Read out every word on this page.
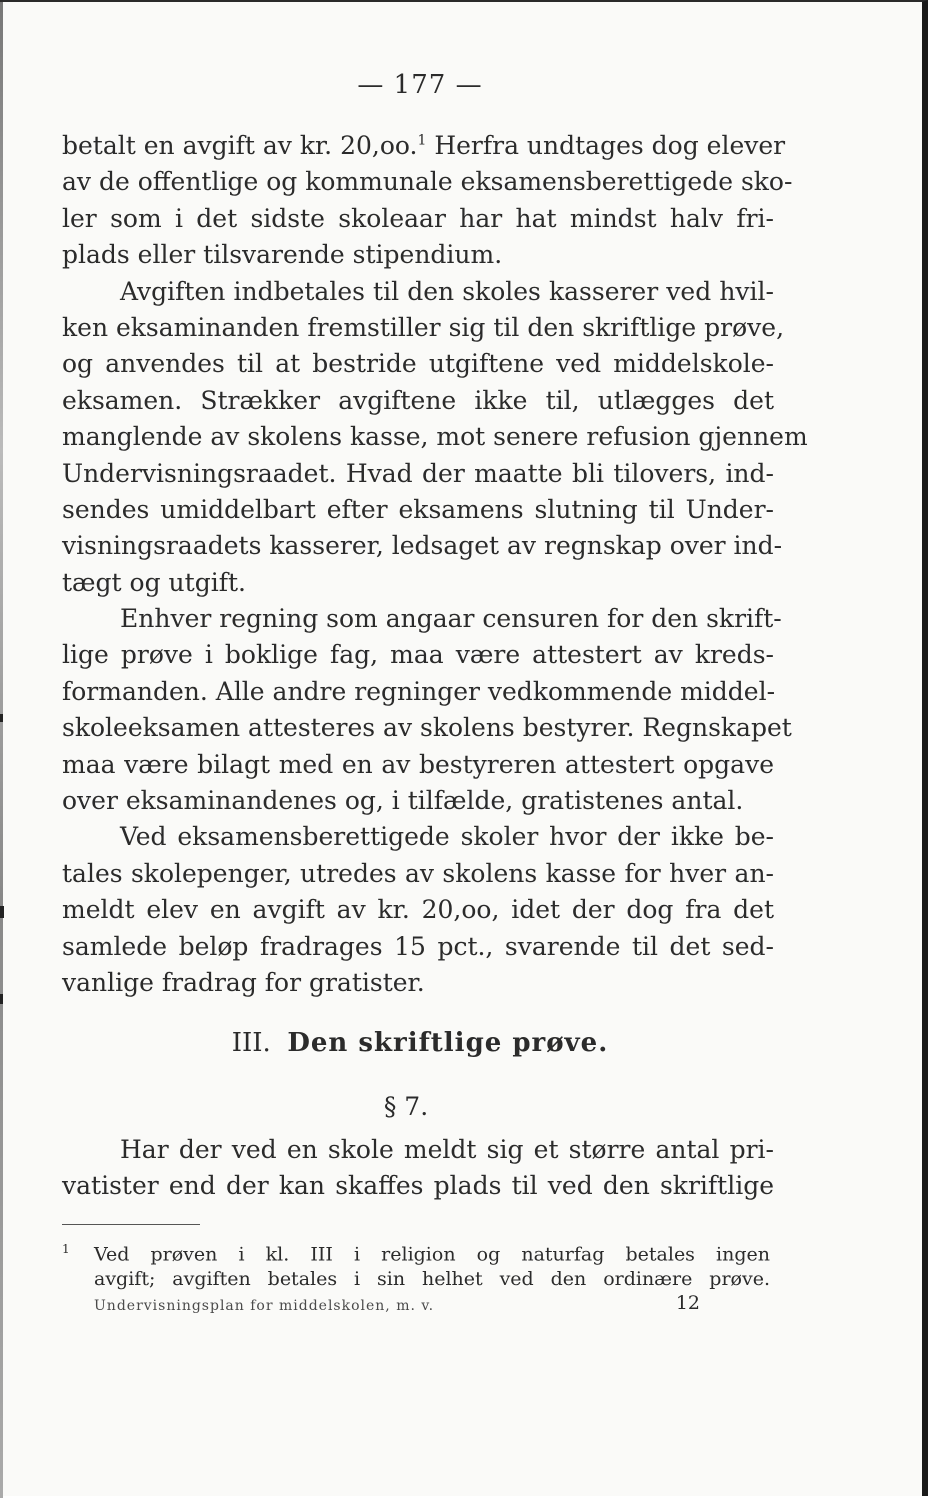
— 177 —
betalt en avgift av kr. 20,oo.$^1$ Herfra undtages dog elever
av de offentlige og kommunale eksamensberettigede sko-
ler som i det sidste skoleaar har hat mindst halv fri-
plads eller tilsvarende stipendium.
Avgiften indbetales til den skoles kasserer ved hvil-
ken eksaminanden fremstiller sig til den skriftlige prøve,
og anvendes til at bestride utgiftene ved middelskole-
eksamen. Strækker avgiftene ikke til, utlægges det
manglende av skolens kasse, mot senere refusion gjennem
Undervisningsraadet. Hvad der maatte bli tilovers, ind-
sendes umiddelbart efter eksamens slutning til Under-
visningsraadets kasserer, ledsaget av regnskap over ind-
tægt og utgift.
Enhver regning som angaar censuren for den skrift-
lige prøve i boklige fag, maa være attestert av kreds-
formanden. Alle andre regninger vedkommende middel-
skoleeksamen attesteres av skolens bestyrer. Regnskapet
maa være bilagt med en av bestyreren attestert opgave
over eksaminandenes og, i tilfælde, gratistenes antal.
Ved eksamensberettigede skoler hvor der ikke be-
tales skolepenger, utredes av skolens kasse for hver an-
meldt elev en avgift av kr. 20,oo, idet der dog fra det
samlede beløp fradrages 15 pct., svarende til det sed-
vanlige fradrag for gratister.
III. Den skriftlige prøve.
§ 7.
Har der ved en skole meldt sig et større antal pri-
vatister end der kan skaffes plads til ved den skriftlige
1 Ved prøven i kl. III i religion og naturfag betales ingen
avgift; avgiften betales i sin helhet ved den ordinære prøve.
Undervisningsplan for middelskolen, m. v.	12
